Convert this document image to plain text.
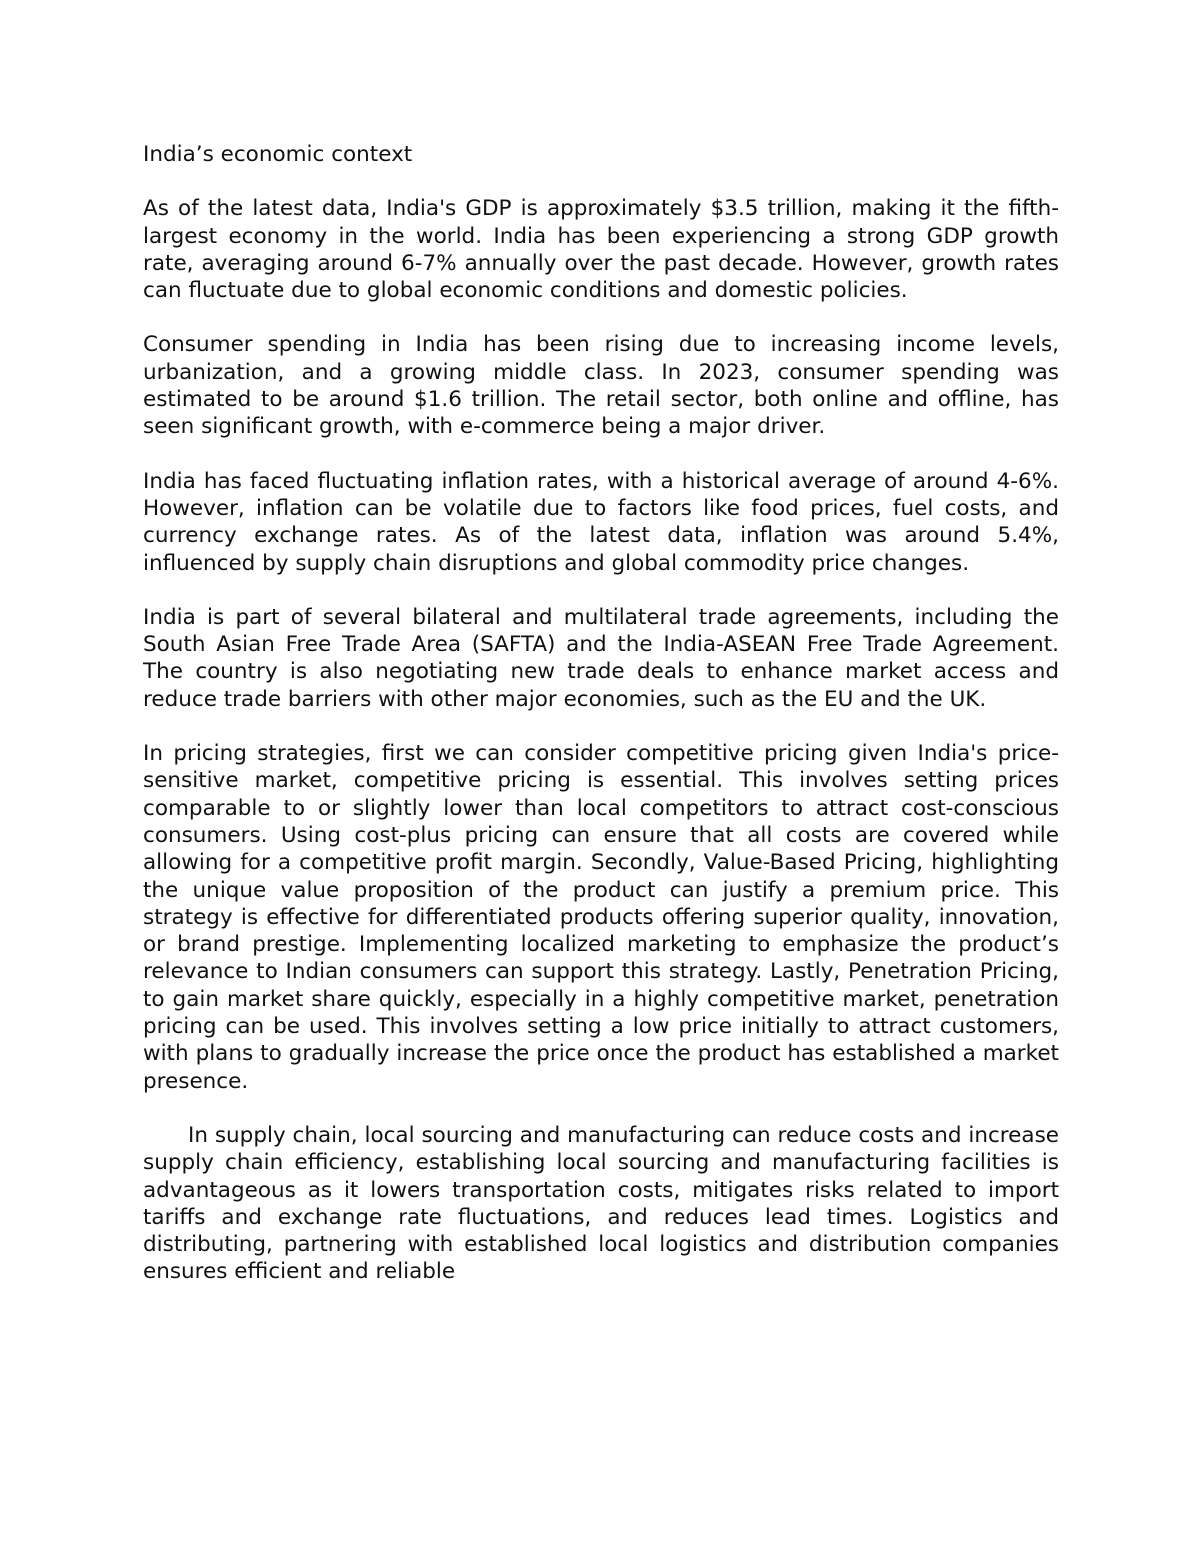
India’s economic context

As of the latest data, India's GDP is approximately $3.5 trillion, making it the fifth-largest economy in the world. India has been experiencing a strong GDP growth rate, averaging around 6-7% annually over the past decade. However, growth rates can fluctuate due to global economic conditions and domestic policies.

Consumer spending in India has been rising due to increasing income levels, urbanization, and a growing middle class. In 2023, consumer spending was estimated to be around $1.6 trillion. The retail sector, both online and offline, has seen significant growth, with e-commerce being a major driver.

India has faced fluctuating inflation rates, with a historical average of around 4-6%. However, inflation can be volatile due to factors like food prices, fuel costs, and currency exchange rates. As of the latest data, inflation was around 5.4%, influenced by supply chain disruptions and global commodity price changes.

India is part of several bilateral and multilateral trade agreements, including the South Asian Free Trade Area (SAFTA) and the India-ASEAN Free Trade Agreement. The country is also negotiating new trade deals to enhance market access and reduce trade barriers with other major economies, such as the EU and the UK.

In pricing strategies, first we can consider competitive pricing given India's price-sensitive market, competitive pricing is essential. This involves setting prices comparable to or slightly lower than local competitors to attract cost-conscious consumers. Using cost-plus pricing can ensure that all costs are covered while allowing for a competitive profit margin. Secondly, Value-Based Pricing, highlighting the unique value proposition of the product can justify a premium price. This strategy is effective for differentiated products offering superior quality, innovation, or brand prestige. Implementing localized marketing to emphasize the product’s relevance to Indian consumers can support this strategy. Lastly, Penetration Pricing, to gain market share quickly, especially in a highly competitive market, penetration pricing can be used. This involves setting a low price initially to attract customers, with plans to gradually increase the price once the product has established a market presence.

In supply chain, local sourcing and manufacturing can reduce costs and increase supply chain efficiency, establishing local sourcing and manufacturing facilities is advantageous as it lowers transportation costs, mitigates risks related to import tariffs and exchange rate fluctuations, and reduces lead times. Logistics and distributing, partnering with established local logistics and distribution companies ensures efficient and reliable
